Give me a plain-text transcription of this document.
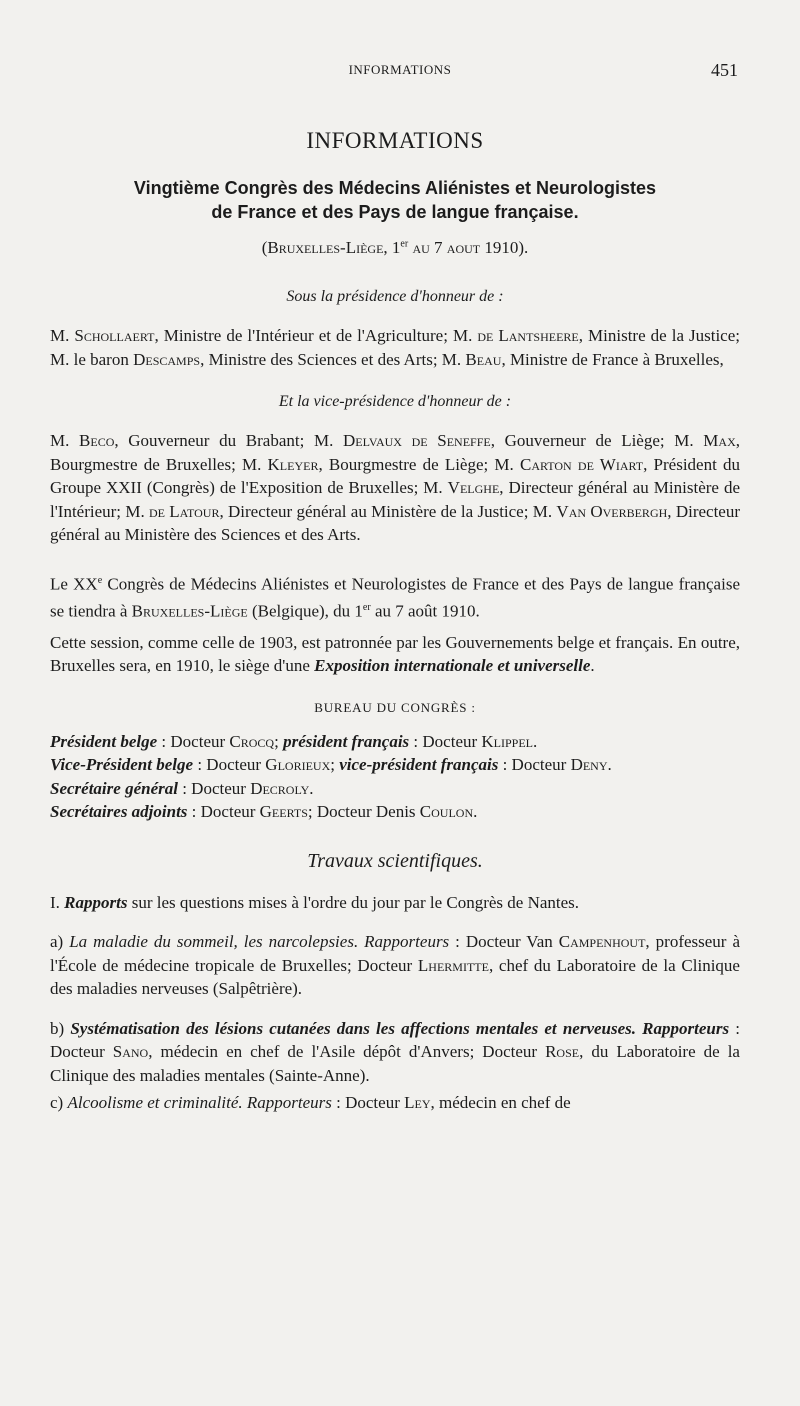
INFORMATIONS	451
INFORMATIONS
Vingtième Congrès des Médecins Aliénistes et Neurologistes
de France et des Pays de langue française.
(Bruxelles-Liège, 1er au 7 aout 1910).
Sous la présidence d'honneur de :

M. Schollaert, Ministre de l'Intérieur et de l'Agriculture; M. de Lantsheere, Ministre de la Justice; M. le baron Descamps, Ministre des Sciences et des Arts; M. Beau, Ministre de France à Bruxelles,

Et la vice-présidence d'honneur de :

M. Beco, Gouverneur du Brabant; M. Delvaux de Seneffe, Gouverneur de Liège; M. Max, Bourgmestre de Bruxelles; M. Kleyer, Bourgmestre de Liège; M. Carton de Wiart, Président du Groupe XXII (Congrès) de l'Exposition de Bruxelles; M. Velghe, Directeur général au Ministère de l'Intérieur; M. de Latour, Directeur général au Ministère de la Justice; M. Van Overbergh, Directeur général au Ministère des Sciences et des Arts.

Le XXe Congrès de Médecins Aliénistes et Neurologistes de France et des Pays de langue française se tiendra à Bruxelles-Liège (Belgique), du 1er au 7 août 1910.

Cette session, comme celle de 1903, est patronnée par les Gouvernements belge et français. En outre, Bruxelles sera, en 1910, le siège d'une Exposition internationale et universelle.

BUREAU DU CONGRÈS :

Président belge : Docteur Crocq; président français : Docteur Klippel.

Vice-Président belge : Docteur Glorieux; vice-président français : Docteur Deny.

Secrétaire général : Docteur Decroly.

Secrétaires adjoints : Docteur Geerts; Docteur Denis Coulon.

Travaux scientifiques.

I. Rapports sur les questions mises à l'ordre du jour par le Congrès de Nantes.

a) La maladie du sommeil, les narcolepsies. Rapporteurs : Docteur Van Campenhout, professeur à l'École de médecine tropicale de Bruxelles; Docteur Lhermitte, chef du Laboratoire de la Clinique des maladies nerveuses (Salpêtrière).

b) Systématisation des lésions cutanées dans les affections mentales et nerveuses. Rapporteurs : Docteur Sano, médecin en chef de l'Asile dépôt d'Anvers; Docteur Rose, du Laboratoire de la Clinique des maladies mentales (Sainte-Anne).

c) Alcoolisme et criminalité. Rapporteurs : Docteur Ley, médecin en chef de
